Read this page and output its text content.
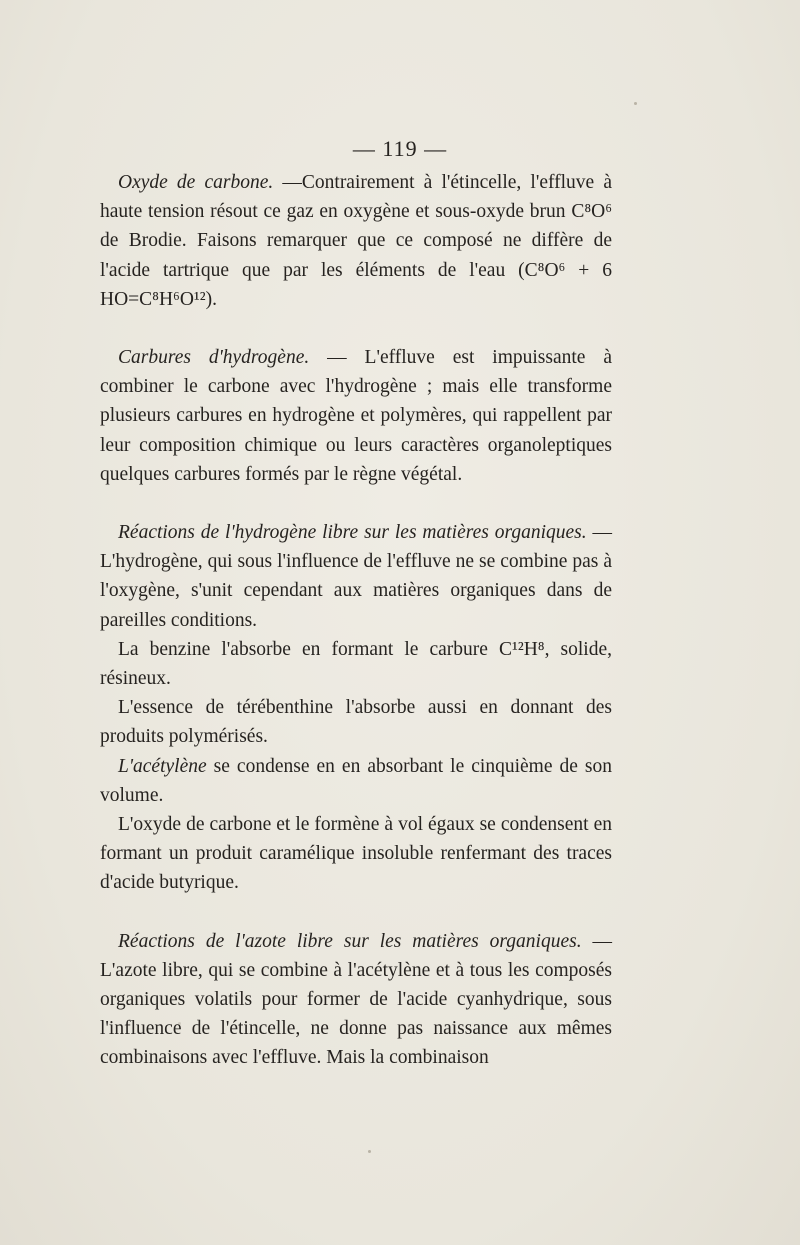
— 119 —

Oxyde de carbone. —Contrairement à l'étincelle, l'effluve à haute tension résout ce gaz en oxygène et sous-oxyde brun C⁸O⁶ de Brodie. Faisons remarquer que ce composé ne diffère de l'acide tartrique que par les éléments de l'eau (C⁸O⁶ + 6 HO=C⁸H⁶O¹²).

Carbures d'hydrogène. — L'effluve est impuissante à combiner le carbone avec l'hydrogène ; mais elle transforme plusieurs carbures en hydrogène et polymères, qui rappellent par leur composition chimique ou leurs caractères organoleptiques quelques carbures formés par le règne végétal.

Réactions de l'hydrogène libre sur les matières organiques. — L'hydrogène, qui sous l'influence de l'effluve ne se combine pas à l'oxygène, s'unit cependant aux matières organiques dans de pareilles conditions.

La benzine l'absorbe en formant le carbure C¹²H⁸, solide, résineux.

L'essence de térébenthine l'absorbe aussi en donnant des produits polymérisés.

L'acétylène se condense en en absorbant le cinquième de son volume.

L'oxyde de carbone et le formène à vol égaux se condensent en formant un produit caramélique insoluble renfermant des traces d'acide butyrique.

Réactions de l'azote libre sur les matières organiques. — L'azote libre, qui se combine à l'acétylène et à tous les composés organiques volatils pour former de l'acide cyanhydrique, sous l'influence de l'étincelle, ne donne pas naissance aux mêmes combinaisons avec l'effluve. Mais la combinaison
